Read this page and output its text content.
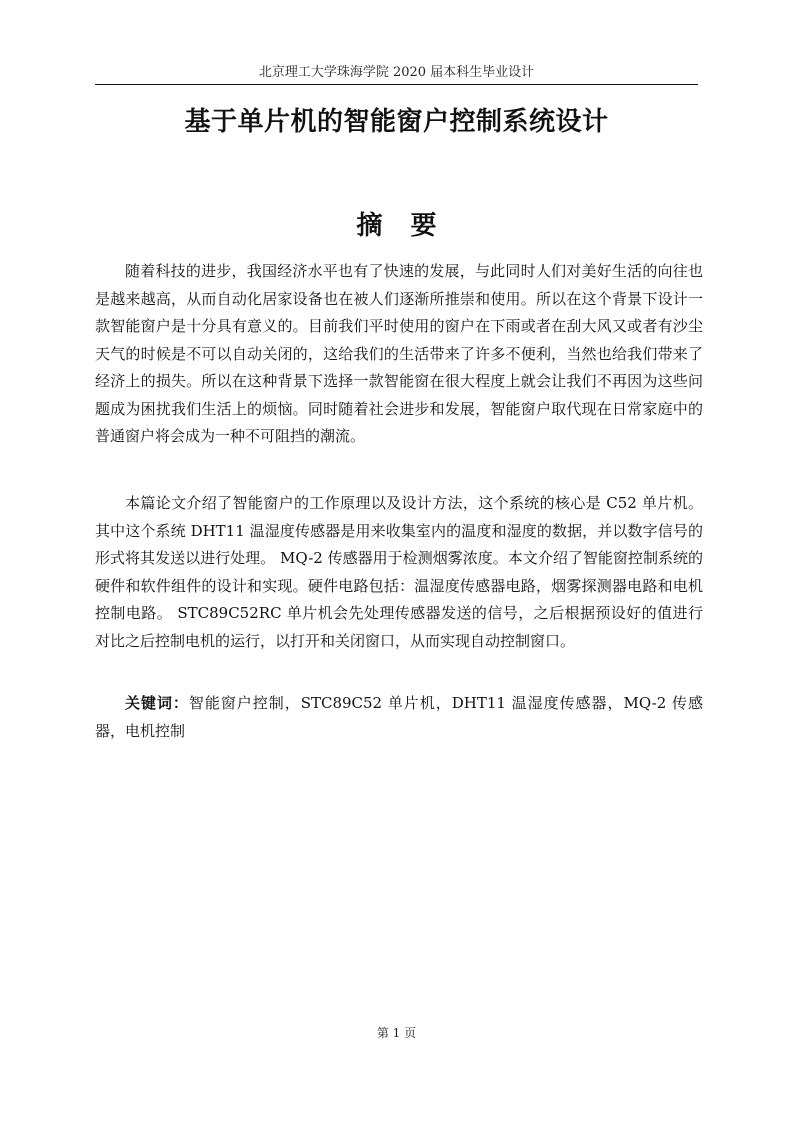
北京理工大学珠海学院 2020 届本科生毕业设计
基于单片机的智能窗户控制系统设计
摘要

随着科技的进步，我国经济水平也有了快速的发展，与此同时人们对美好生活的向往也是越来越高，从而自动化居家设备也在被人们逐渐所推崇和使用。所以在这个背景下设计一款智能窗户是十分具有意义的。目前我们平时使用的窗户在下雨或者在刮大风又或者有沙尘天气的时候是不可以自动关闭的，这给我们的生活带来了许多不便利，当然也给我们带来了经济上的损失。所以在这种背景下选择一款智能窗在很大程度上就会让我们不再因为这些问题成为困扰我们生活上的烦恼。同时随着社会进步和发展，智能窗户取代现在日常家庭中的普通窗户将会成为一种不可阻挡的潮流。

本篇论文介绍了智能窗户的工作原理以及设计方法，这个系统的核心是 C52 单片机。其中这个系统 DHT11 温湿度传感器是用来收集室内的温度和湿度的数据，并以数字信号的形式将其发送以进行处理。 MQ-2 传感器用于检测烟雾浓度。本文介绍了智能窗控制系统的硬件和软件组件的设计和实现。硬件电路包括：温湿度传感器电路，烟雾探测器电路和电机控制电路。 STC89C52RC 单片机会先处理传感器发送的信号，之后根据预设好的值进行对比之后控制电机的运行，以打开和关闭窗口，从而实现自动控制窗口。

关键词：智能窗户控制，STC89C52 单片机，DHT11 温湿度传感器，MQ-2 传感器，电机控制

第 1 页
